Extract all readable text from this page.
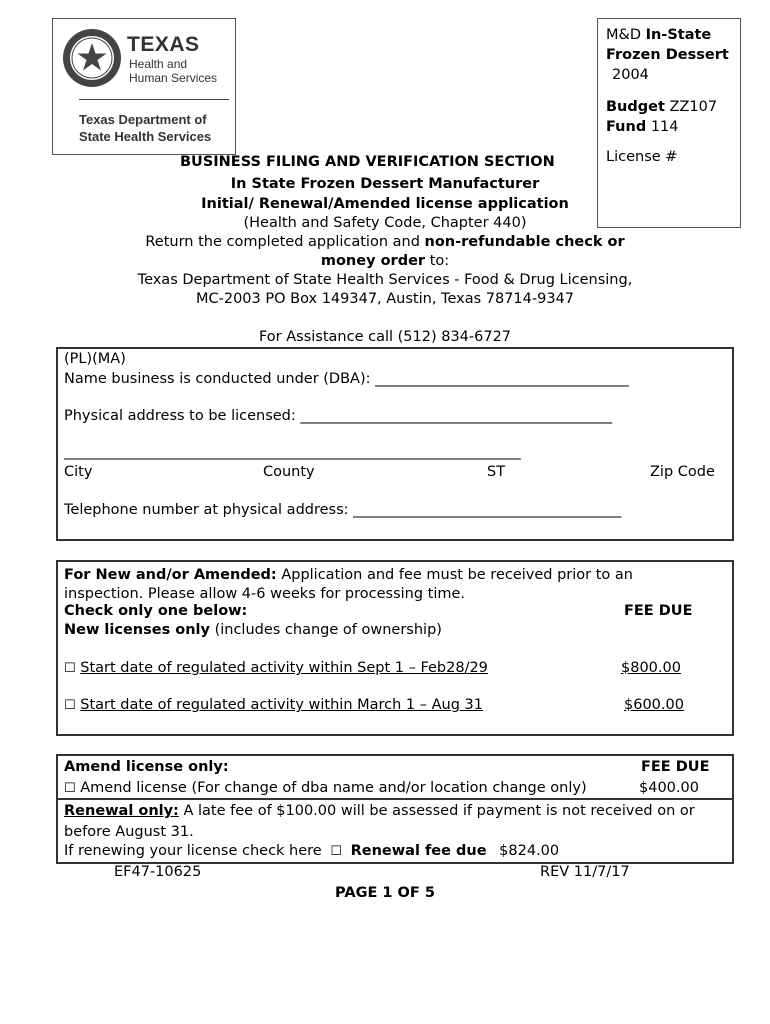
TEXAS
Health and Human Services
Texas Department of State Health Services
M&D In-State Frozen Dessert 2004
Budget ZZ107
Fund 114
License #
BUSINESS FILING AND VERIFICATION SECTION
In State Frozen Dessert Manufacturer
Initial/ Renewal/Amended license application
(Health and Safety Code, Chapter 440)
Return the completed application and non-refundable check or
money order to:
Texas Department of State Health Services - Food & Drug Licensing,
MC-2003 PO Box 149347, Austin, Texas 78714-9347
For Assistance call (512) 834-6727
(PL)(MA)
Name business is conducted under (DBA): ___________________________________
Physical address to be licensed: ___________________________________________
_______________________________________________________________
City	County	ST	Zip Code
Telephone number at physical address: _____________________________________
For New and/or Amended: Application and fee must be received prior to an inspection. Please allow 4-6 weeks for processing time.
Check only one below:	FEE DUE
New licenses only (includes change of ownership)
☐ Start date of regulated activity within Sept 1 – Feb28/29	$800.00
☐ Start date of regulated activity within March 1 – Aug 31	$600.00
Amend license only:	FEE DUE
☐ Amend license (For change of dba name and/or location change only)	$400.00
Renewal only: A late fee of $100.00 will be assessed if payment is not received on or before August 31.
If renewing your license check here ☐ Renewal fee due $824.00
EF47-10625	REV 11/7/17
PAGE 1 OF 5
